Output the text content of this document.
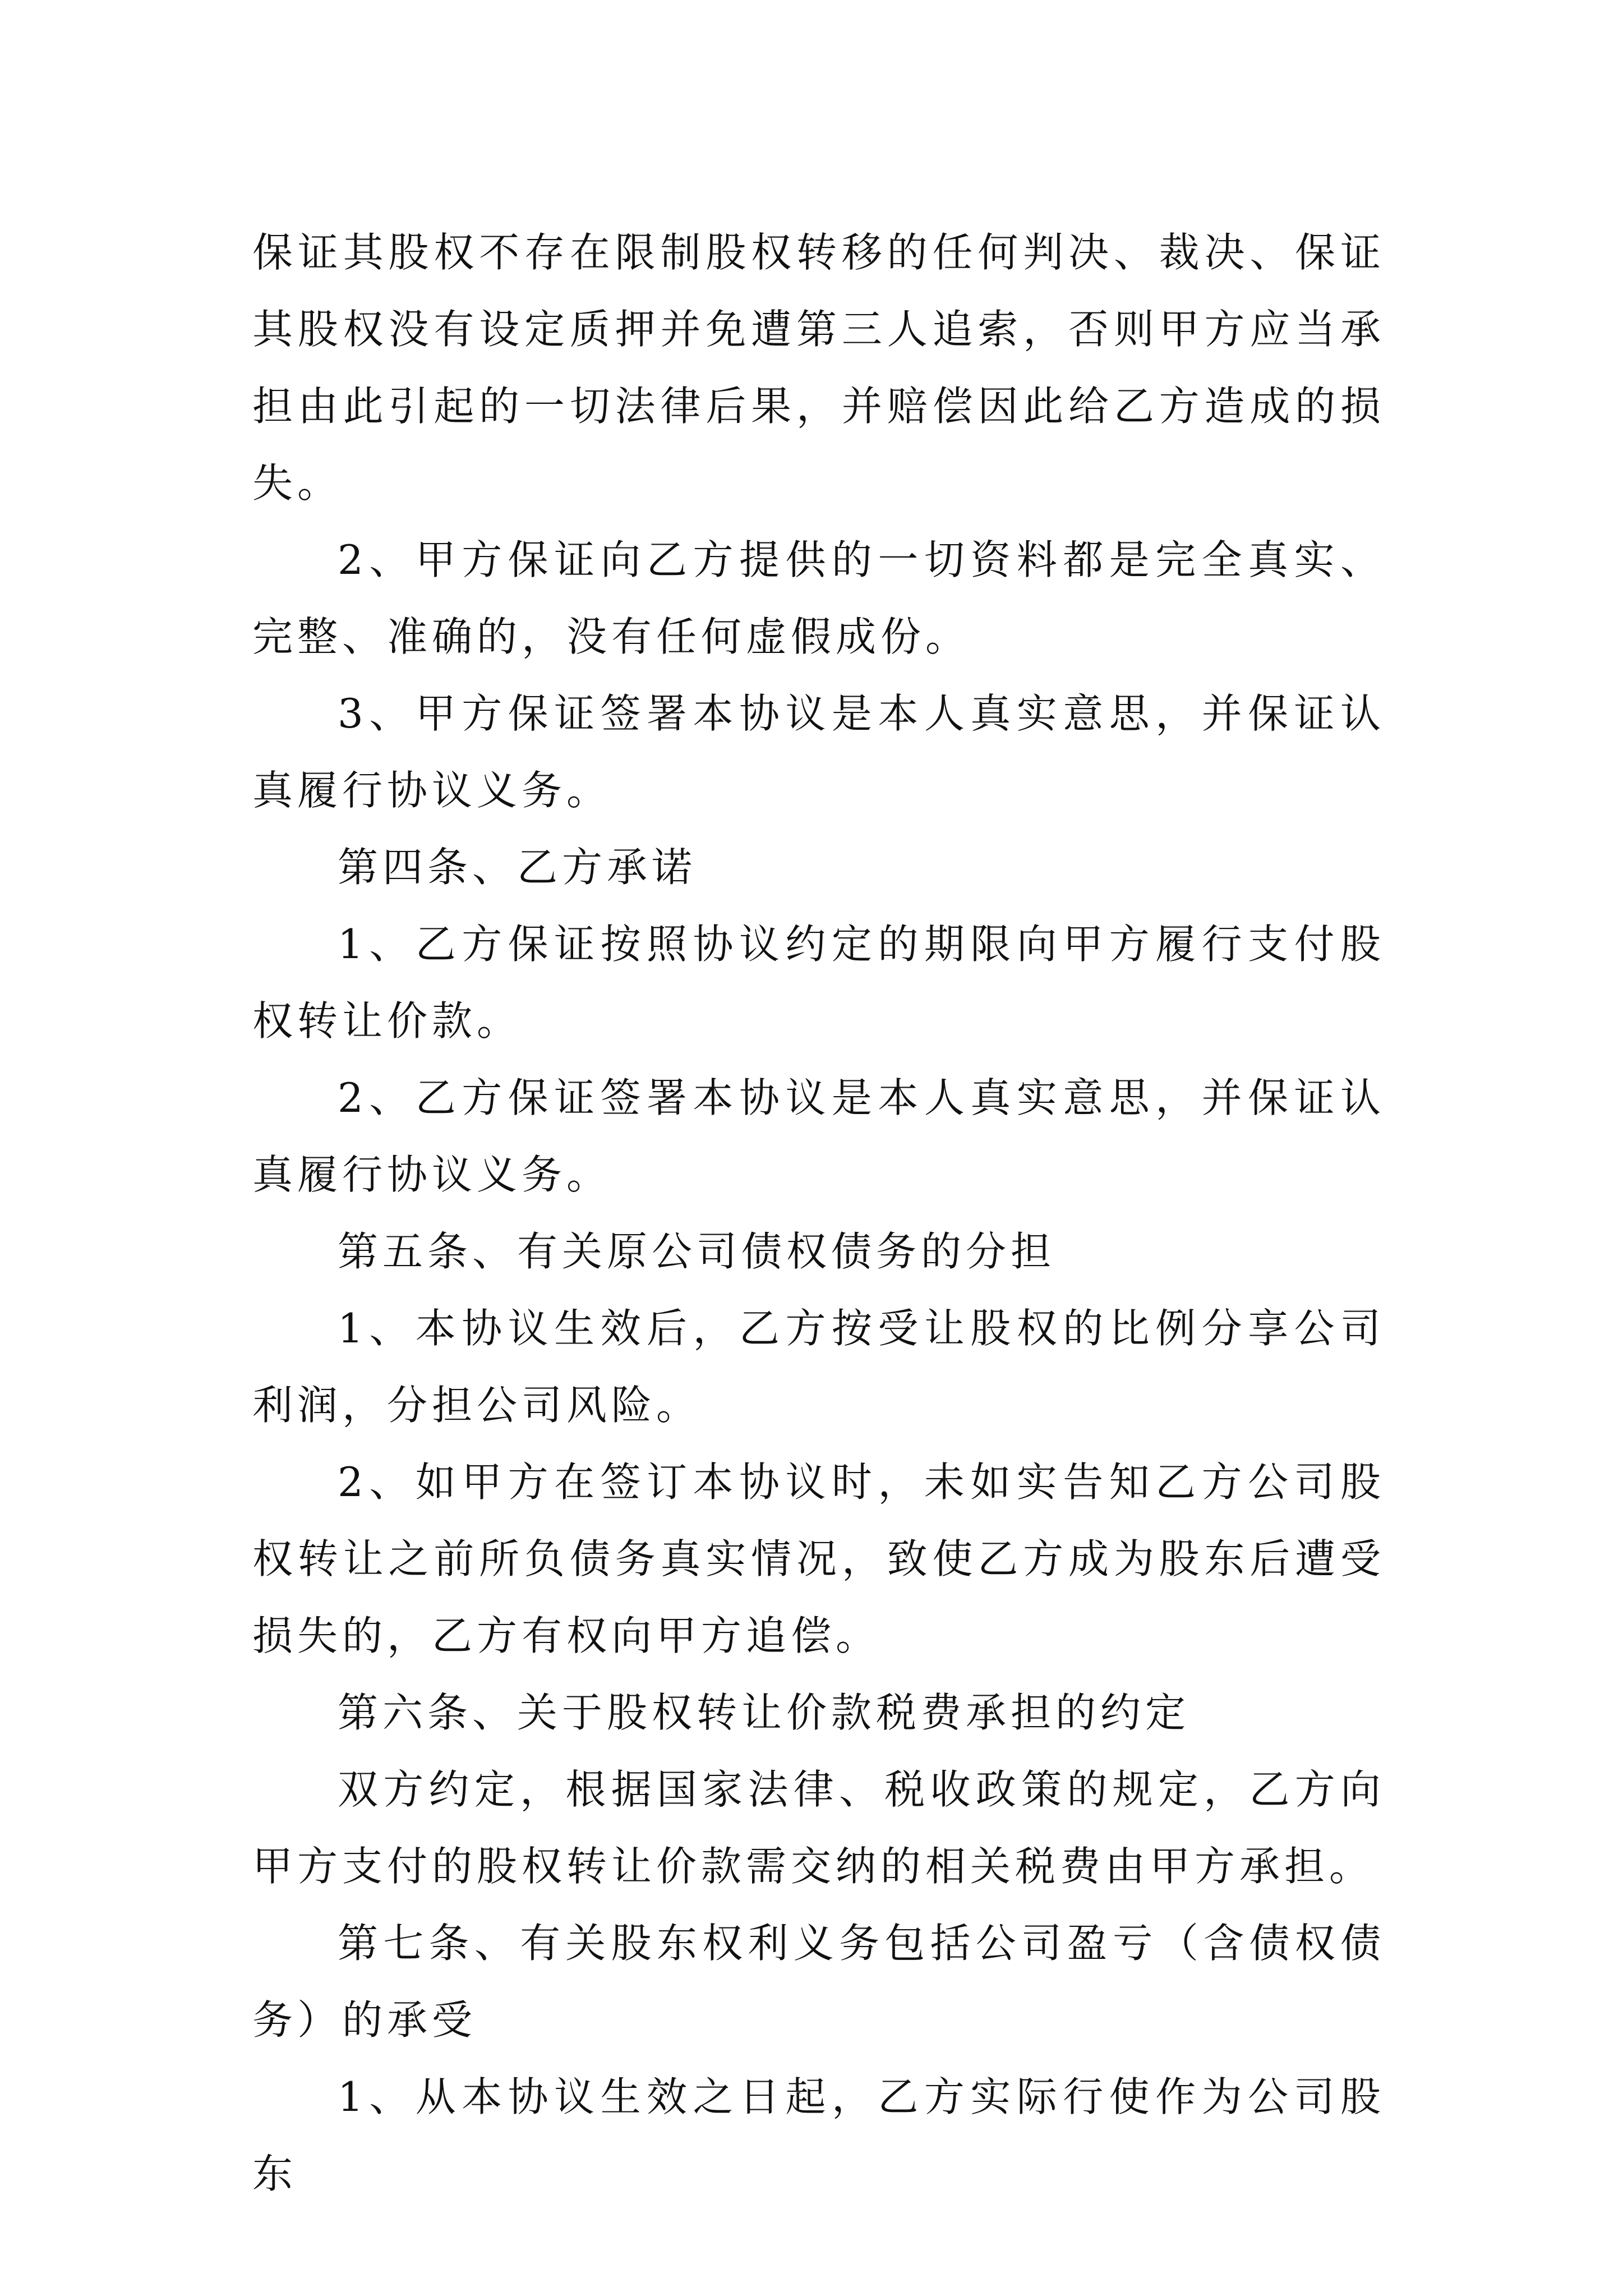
保证其股权不存在限制股权转移的任何判决、裁决、保证其股权没有设定质押并免遭第三人追索，否则甲方应当承担由此引起的一切法律后果，并赔偿因此给乙方造成的损失。

2、甲方保证向乙方提供的一切资料都是完全真实、完整、准确的，没有任何虚假成份。

3、甲方保证签署本协议是本人真实意思，并保证认真履行协议义务。

第四条、乙方承诺

1、乙方保证按照协议约定的期限向甲方履行支付股权转让价款。

2、乙方保证签署本协议是本人真实意思，并保证认真履行协议义务。

第五条、有关原公司债权债务的分担

1、本协议生效后，乙方按受让股权的比例分享公司利润，分担公司风险。

2、如甲方在签订本协议时，未如实告知乙方公司股权转让之前所负债务真实情况，致使乙方成为股东后遭受损失的，乙方有权向甲方追偿。

第六条、关于股权转让价款税费承担的约定

双方约定，根据国家法律、税收政策的规定，乙方向甲方支付的股权转让价款需交纳的相关税费由甲方承担。

第七条、有关股东权利义务包括公司盈亏（含债权债务）的承受

1、从本协议生效之日起，乙方实际行使作为公司股东
